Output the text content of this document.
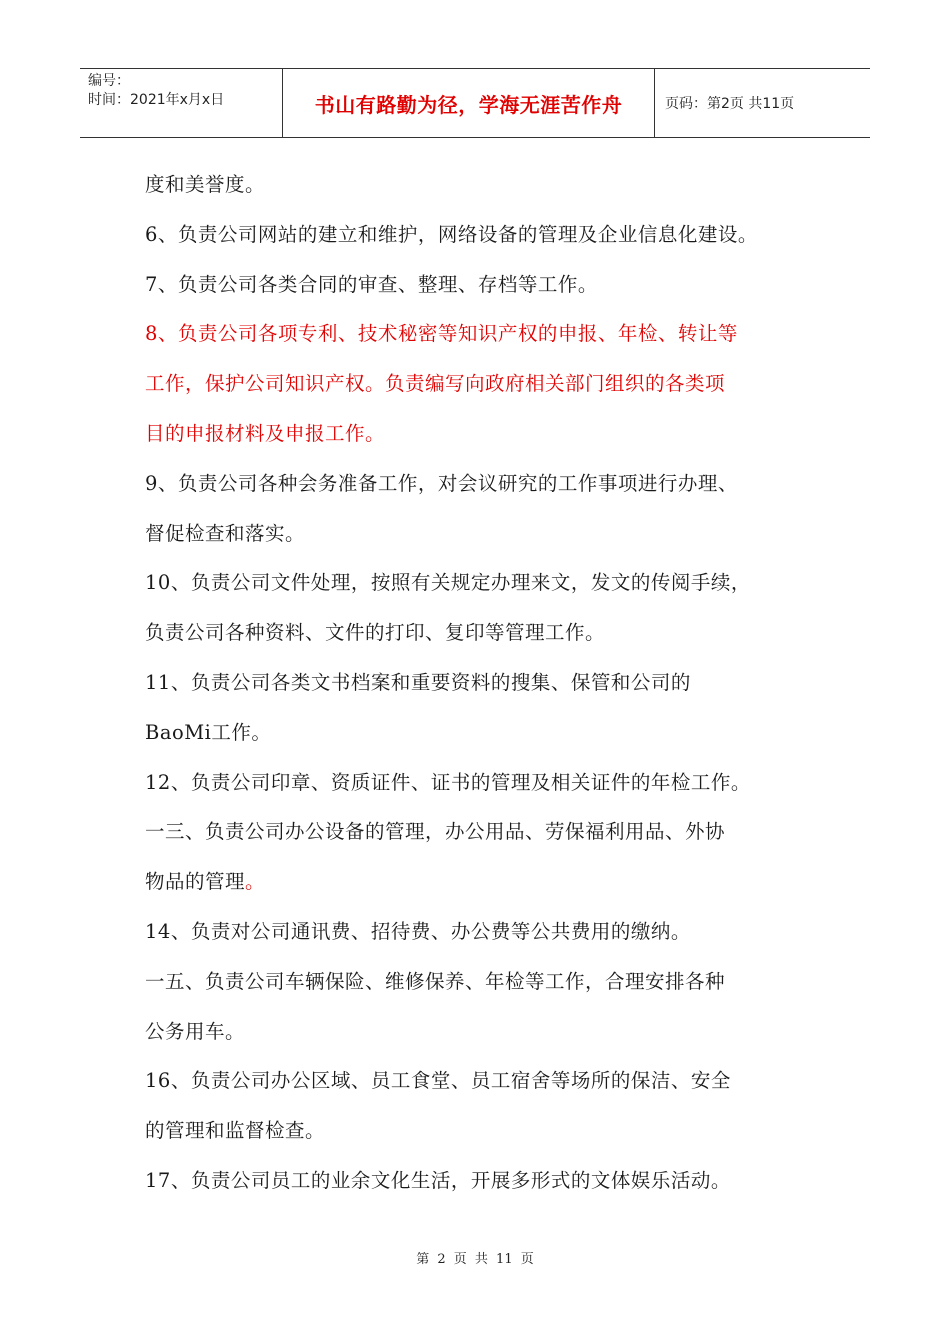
编号：
时间：2021年x月x日	书山有路勤为径，学海无涯苦作舟	页码：第2页 共11页

度和美誉度。

6、负责公司网站的建立和维护，网络设备的管理及企业信息化建设。

7、负责公司各类合同的审查、整理、存档等工作。

8、负责公司各项专利、技术秘密等知识产权的申报、年检、转让等

工作，保护公司知识产权。负责编写向政府相关部门组织的各类项

目的申报材料及申报工作。

9、负责公司各种会务准备工作，对会议研究的工作事项进行办理、

督促检查和落实。

10、负责公司文件处理，按照有关规定办理来文，发文的传阅手续，

负责公司各种资料、文件的打印、复印等管理工作。

11、负责公司各类文书档案和重要资料的搜集、保管和公司的

BaoMi工作。

12、负责公司印章、资质证件、证书的管理及相关证件的年检工作。

一三、负责公司办公设备的管理，办公用品、劳保福利用品、外协

物品的管理。

14、负责对公司通讯费、招待费、办公费等公共费用的缴纳。

一五、负责公司车辆保险、维修保养、年检等工作，合理安排各种

公务用车。

16、负责公司办公区域、员工食堂、员工宿舍等场所的保洁、安全

的管理和监督检查。

17、负责公司员工的业余文化生活，开展多形式的文体娱乐活动。

第 2 页 共 11 页
